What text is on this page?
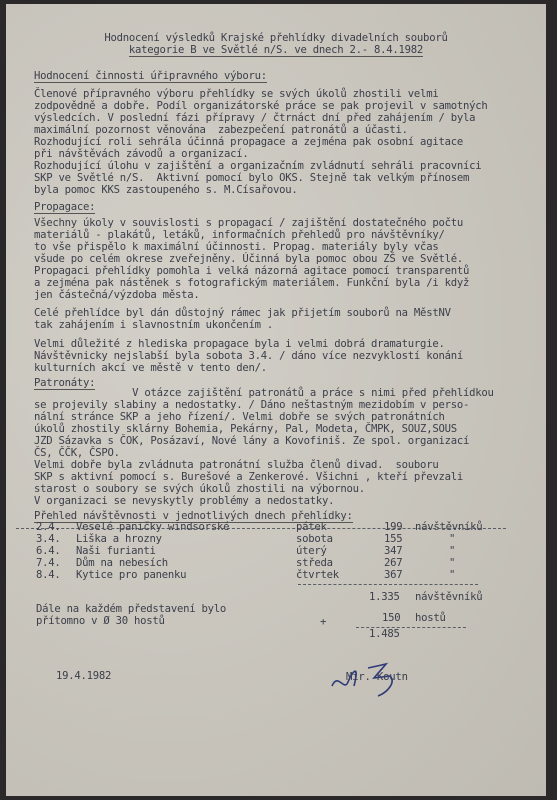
Hodnocení výsledků Krajské přehlídky divadelních souborů
kategorie B ve Světlé n/S. ve dnech 2.- 8.4.1982
Hodnocení činnosti úřipravného výboru:
Členové přípravného výboru přehlídky se svých úkolů zhostili velmi
zodpovědně a dobře. Podíl organizátorské práce se pak projevil v samotných
výsledcích. V poslední fázi přípravy / čtrnáct dní před zahájením / byla
maximální pozornost věnována  zabezpečení patronátů a účasti.
Rozhodující roli sehrála účinná propagace a zejména pak osobní agitace
při návštěvách závodů a organizací.
Rozhodující úlohu v zajištění a organizačním zvládnutí sehráli pracovníci
SKP ve Světlé n/S.  Aktivní pomocí bylo OKS. Stejně tak velkým přínosem
byla pomoc KKS zastoupeného s. M.Císařovou.
Propagace:
Všechny úkoly v souvislosti s propagací / zajištění dostatečného počtu
materiálů - plakátů, letáků, informačních přehledů pro návštěvníky/
to vše přispělo k maximální účinnosti. Propag. materiály byly včas
všude po celém okrese zveřejněny. Účinná byla pomoc obou ZŠ ve Světlé.
Propagaci přehlídky pomohla i velká názorná agitace pomocí transparentů
a zejména pak nástěnek s fotografickým materiálem. Funkční byla /i když
jen částečná/výzdoba města.
Celé přehlídce byl dán důstojný rámec jak přijetím souborů na MěstNV
tak zahájením i slavnostním ukončením .
Velmi důležité z hlediska propagace byla i velmi dobrá dramaturgie.
Návštěvnicky nejslabší byla sobota 3.4. / dáno více nezvyklostí konání
kulturních akcí ve městě v tento den/.
Patronáty:
V otázce zajištění patronátů a práce s nimi před přehlídkou
se projevily slabiny a nedostatky. / Dáno neštastným mezidobím v perso-
nální stránce SKP a jeho řízení/. Velmi dobře se svých patronátních
úkolů zhostily sklárny Bohemia, Pekárny, Pal, Modeta, ČMPK, SOUZ,SOUS
JZD Sázavka s ČOK, Posázaví, Nové lány a Kovofiniš. Ze spol. organizací
ČS, ČČK, ČSPO.
Velmi dobře byla zvládnuta patronátní služba členů divad.  souboru
SKP s aktivní pomocí s. Burešové a Zenkerové. Všichni , kteří převzali
starost o soubory se svých úkolů zhostili na výbornou.
V organizaci se nevyskytly problémy a nedostatky.
Přehled návštěvnosti v jednotlivých dnech přehlídky:
2.4. Veselé paničky windsorské	pátek	199 návštěvníků
3.4. Liška a hrozny	sobota	155	"
6.4. Naši furianti	úterý	347	"
7.4. Dům na nebesích	středa	267	"
8.4. Kytice pro panenku	čtvrtek	367	"
1.335 návštěvníků
Dále na každém představení bylo
přítomno v Ø 30 hostů	+	150 hostů
1.485
19.4.1982	Mir. Koutn
